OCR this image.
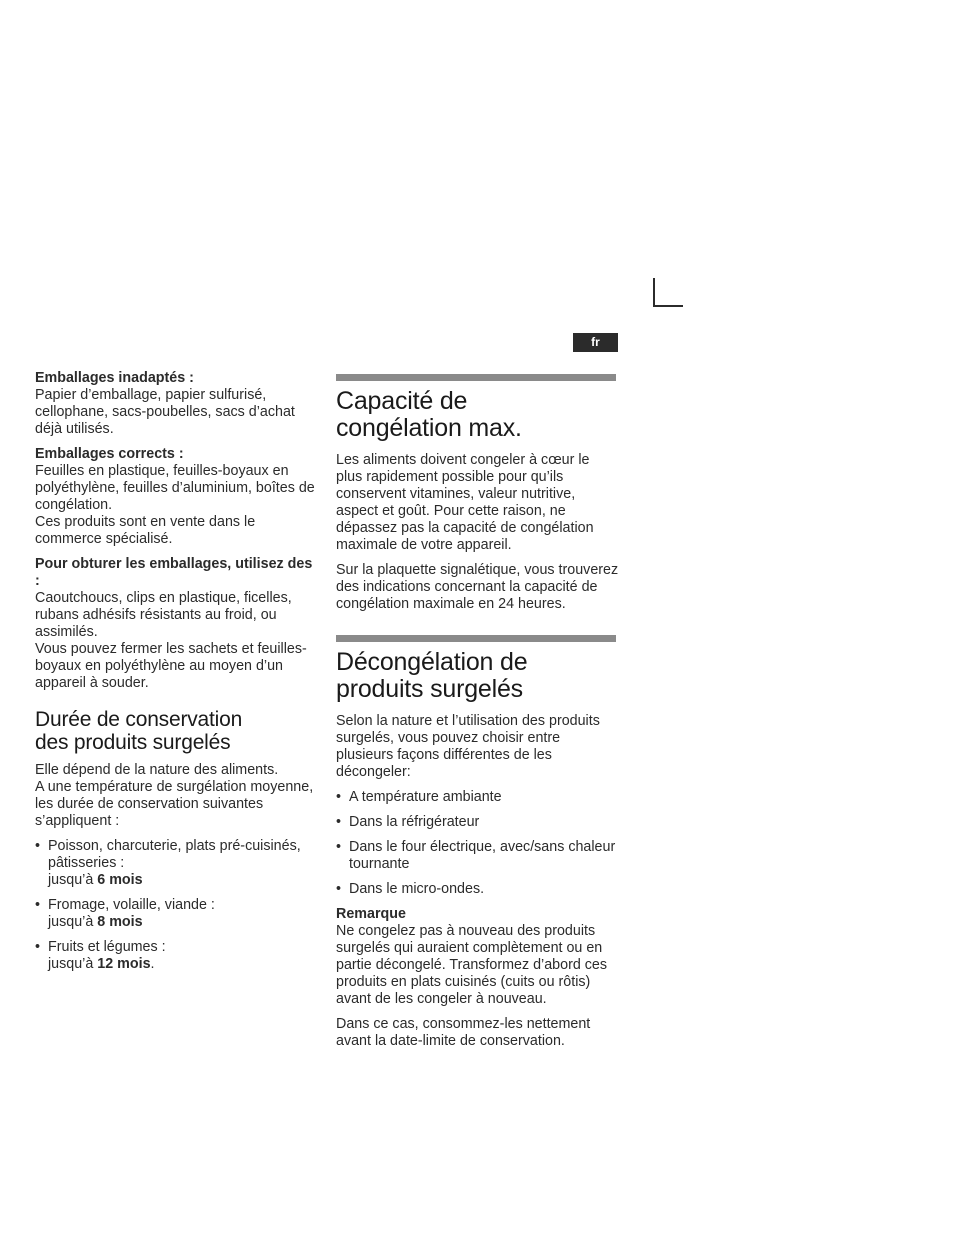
fr

Emballages inadaptés :

Papier d’emballage, papier sulfurisé, cellophane, sacs-poubelles, sacs d’achat déjà utilisés.

Emballages corrects :

Feuilles en plastique, feuilles-boyaux en polyéthylène, feuilles d’aluminium, boîtes de congélation.

Ces produits sont en vente dans le commerce spécialisé.

Pour obturer les emballages, utilisez des :

Caoutchoucs, clips en plastique, ficelles, rubans adhésifs résistants au froid, ou assimilés.

Vous pouvez fermer les sachets et feuilles-boyaux en polyéthylène au moyen d’un appareil à souder.

Durée de conservation
des produits surgelés

Elle dépend de la nature des aliments.

A une température de surgélation moyenne, les durée de conservation suivantes s’appliquent :

• Poisson, charcuterie, plats pré-cuisinés, pâtisseries :
jusqu’à 6 mois
• Fromage, volaille, viande :
jusqu’à 8 mois
• Fruits et légumes :
jusqu’à 12 mois.
Capacité de
congélation max.

Les aliments doivent congeler à cœur le plus rapidement possible pour qu’ils conservent vitamines, valeur nutritive, aspect et goût. Pour cette raison, ne dépassez pas la capacité de congélation maximale de votre appareil.

Sur la plaquette signalétique, vous trouverez des indications concernant la capacité de congélation maximale en 24 heures.

Décongélation de
produits surgelés

Selon la nature et l’utilisation des produits surgelés, vous pouvez choisir entre plusieurs façons différentes de les décongeler:

• A température ambiante
• Dans la réfrigérateur
• Dans le four électrique, avec/sans chaleur tournante
• Dans le micro-ondes.

Remarque

Ne congelez pas à nouveau des produits surgelés qui auraient complètement ou en partie décongelé. Transformez d’abord ces produits en plats cuisinés (cuits ou rôtis) avant de les congeler à nouveau.

Dans ce cas, consommez-les nettement avant la date-limite de conservation.
